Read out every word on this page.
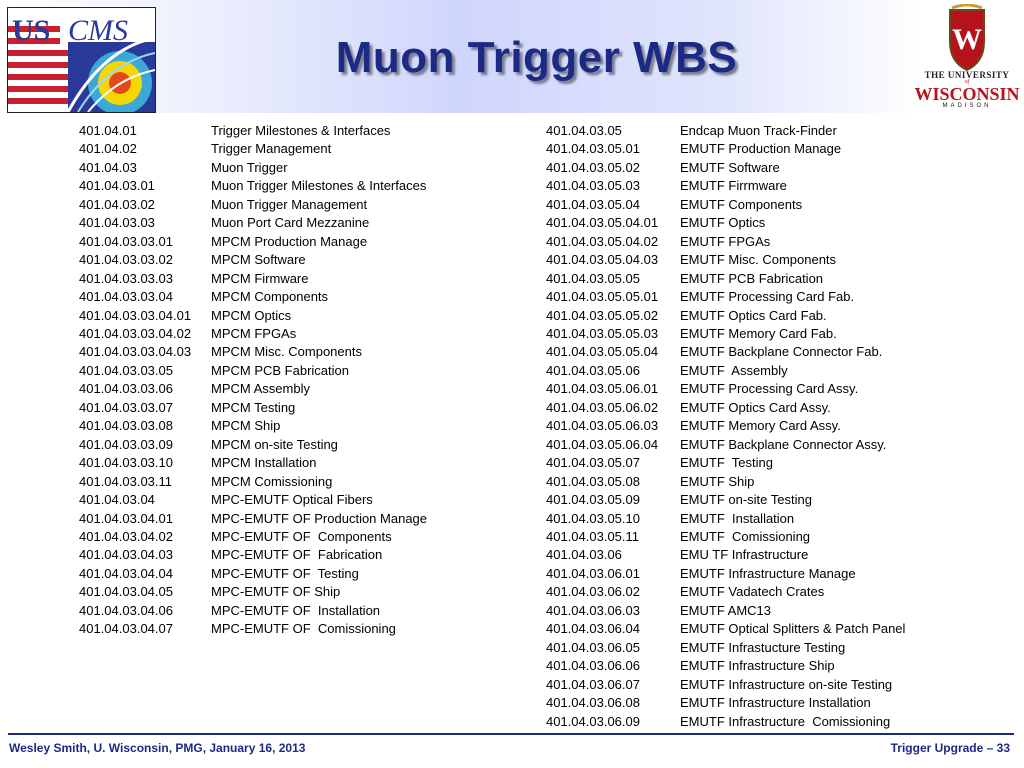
US CMS
Muon Trigger WBS	W
THE UNIVERSITY
of
WISCONSIN
MADISON
401.04.01	Trigger Milestones & Interfaces
401.04.02	Trigger Management
401.04.03	Muon Trigger
401.04.03.01	Muon Trigger Milestones & Interfaces
401.04.03.02	Muon Trigger Management
401.04.03.03	Muon Port Card Mezzanine
401.04.03.03.01	MPCM Production Manage
401.04.03.03.02	MPCM Software
401.04.03.03.03	MPCM Firmware
401.04.03.03.04	MPCM Components
401.04.03.03.04.01 MPCM Optics
401.04.03.03.04.02 MPCM FPGAs
401.04.03.03.04.03 MPCM Misc. Components
401.04.03.03.05	MPCM PCB Fabrication
401.04.03.03.06	MPCM Assembly
401.04.03.03.07	MPCM Testing
401.04.03.03.08	MPCM Ship
401.04.03.03.09	MPCM on-site Testing
401.04.03.03.10	MPCM Installation
401.04.03.03.11	MPCM Comissioning
401.04.03.04	MPC-EMUTF Optical Fibers
401.04.03.04.01	MPC-EMUTF OF Production Manage
401.04.03.04.02	MPC-EMUTF OF  Components
401.04.03.04.03	MPC-EMUTF OF  Fabrication
401.04.03.04.04	MPC-EMUTF OF  Testing
401.04.03.04.05	MPC-EMUTF OF Ship
401.04.03.04.06	MPC-EMUTF OF  Installation
401.04.03.04.07	MPC-EMUTF OF  Comissioning
401.04.03.05	Endcap Muon Track-Finder
401.04.03.05.01	EMUTF Production Manage
401.04.03.05.02	EMUTF Software
401.04.03.05.03	EMUTF Firrmware
401.04.03.05.04	EMUTF Components
401.04.03.05.04.01 EMUTF Optics
401.04.03.05.04.02 EMUTF FPGAs
401.04.03.05.04.03 EMUTF Misc. Components
401.04.03.05.05	EMUTF PCB Fabrication
401.04.03.05.05.01 EMUTF Processing Card Fab.
401.04.03.05.05.02 EMUTF Optics Card Fab.
401.04.03.05.05.03 EMUTF Memory Card Fab.
401.04.03.05.05.04 EMUTF Backplane Connector Fab.
401.04.03.05.06	EMUTF  Assembly
401.04.03.05.06.01 EMUTF Processing Card Assy.
401.04.03.05.06.02 EMUTF Optics Card Assy.
401.04.03.05.06.03 EMUTF Memory Card Assy.
401.04.03.05.06.04 EMUTF Backplane Connector Assy.
401.04.03.05.07	EMUTF  Testing
401.04.03.05.08	EMUTF Ship
401.04.03.05.09	EMUTF on-site Testing
401.04.03.05.10	EMUTF  Installation
401.04.03.05.11	EMUTF  Comissioning
401.04.03.06	EMU TF Infrastructure
401.04.03.06.01	EMUTF Infrastructure Manage
401.04.03.06.02	EMUTF Vadatech Crates
401.04.03.06.03	EMUTF AMC13
401.04.03.06.04	EMUTF Optical Splitters & Patch Panel
401.04.03.06.05	EMUTF Infrastucture Testing
401.04.03.06.06	EMUTF Infrastructure Ship
401.04.03.06.07	EMUTF Infrastructure on-site Testing
401.04.03.06.08	EMUTF Infrastructure Installation
401.04.03.06.09	EMUTF Infrastructure  Comissioning
Wesley Smith, U. Wisconsin, PMG, January 16, 2013	Trigger Upgrade – 33
